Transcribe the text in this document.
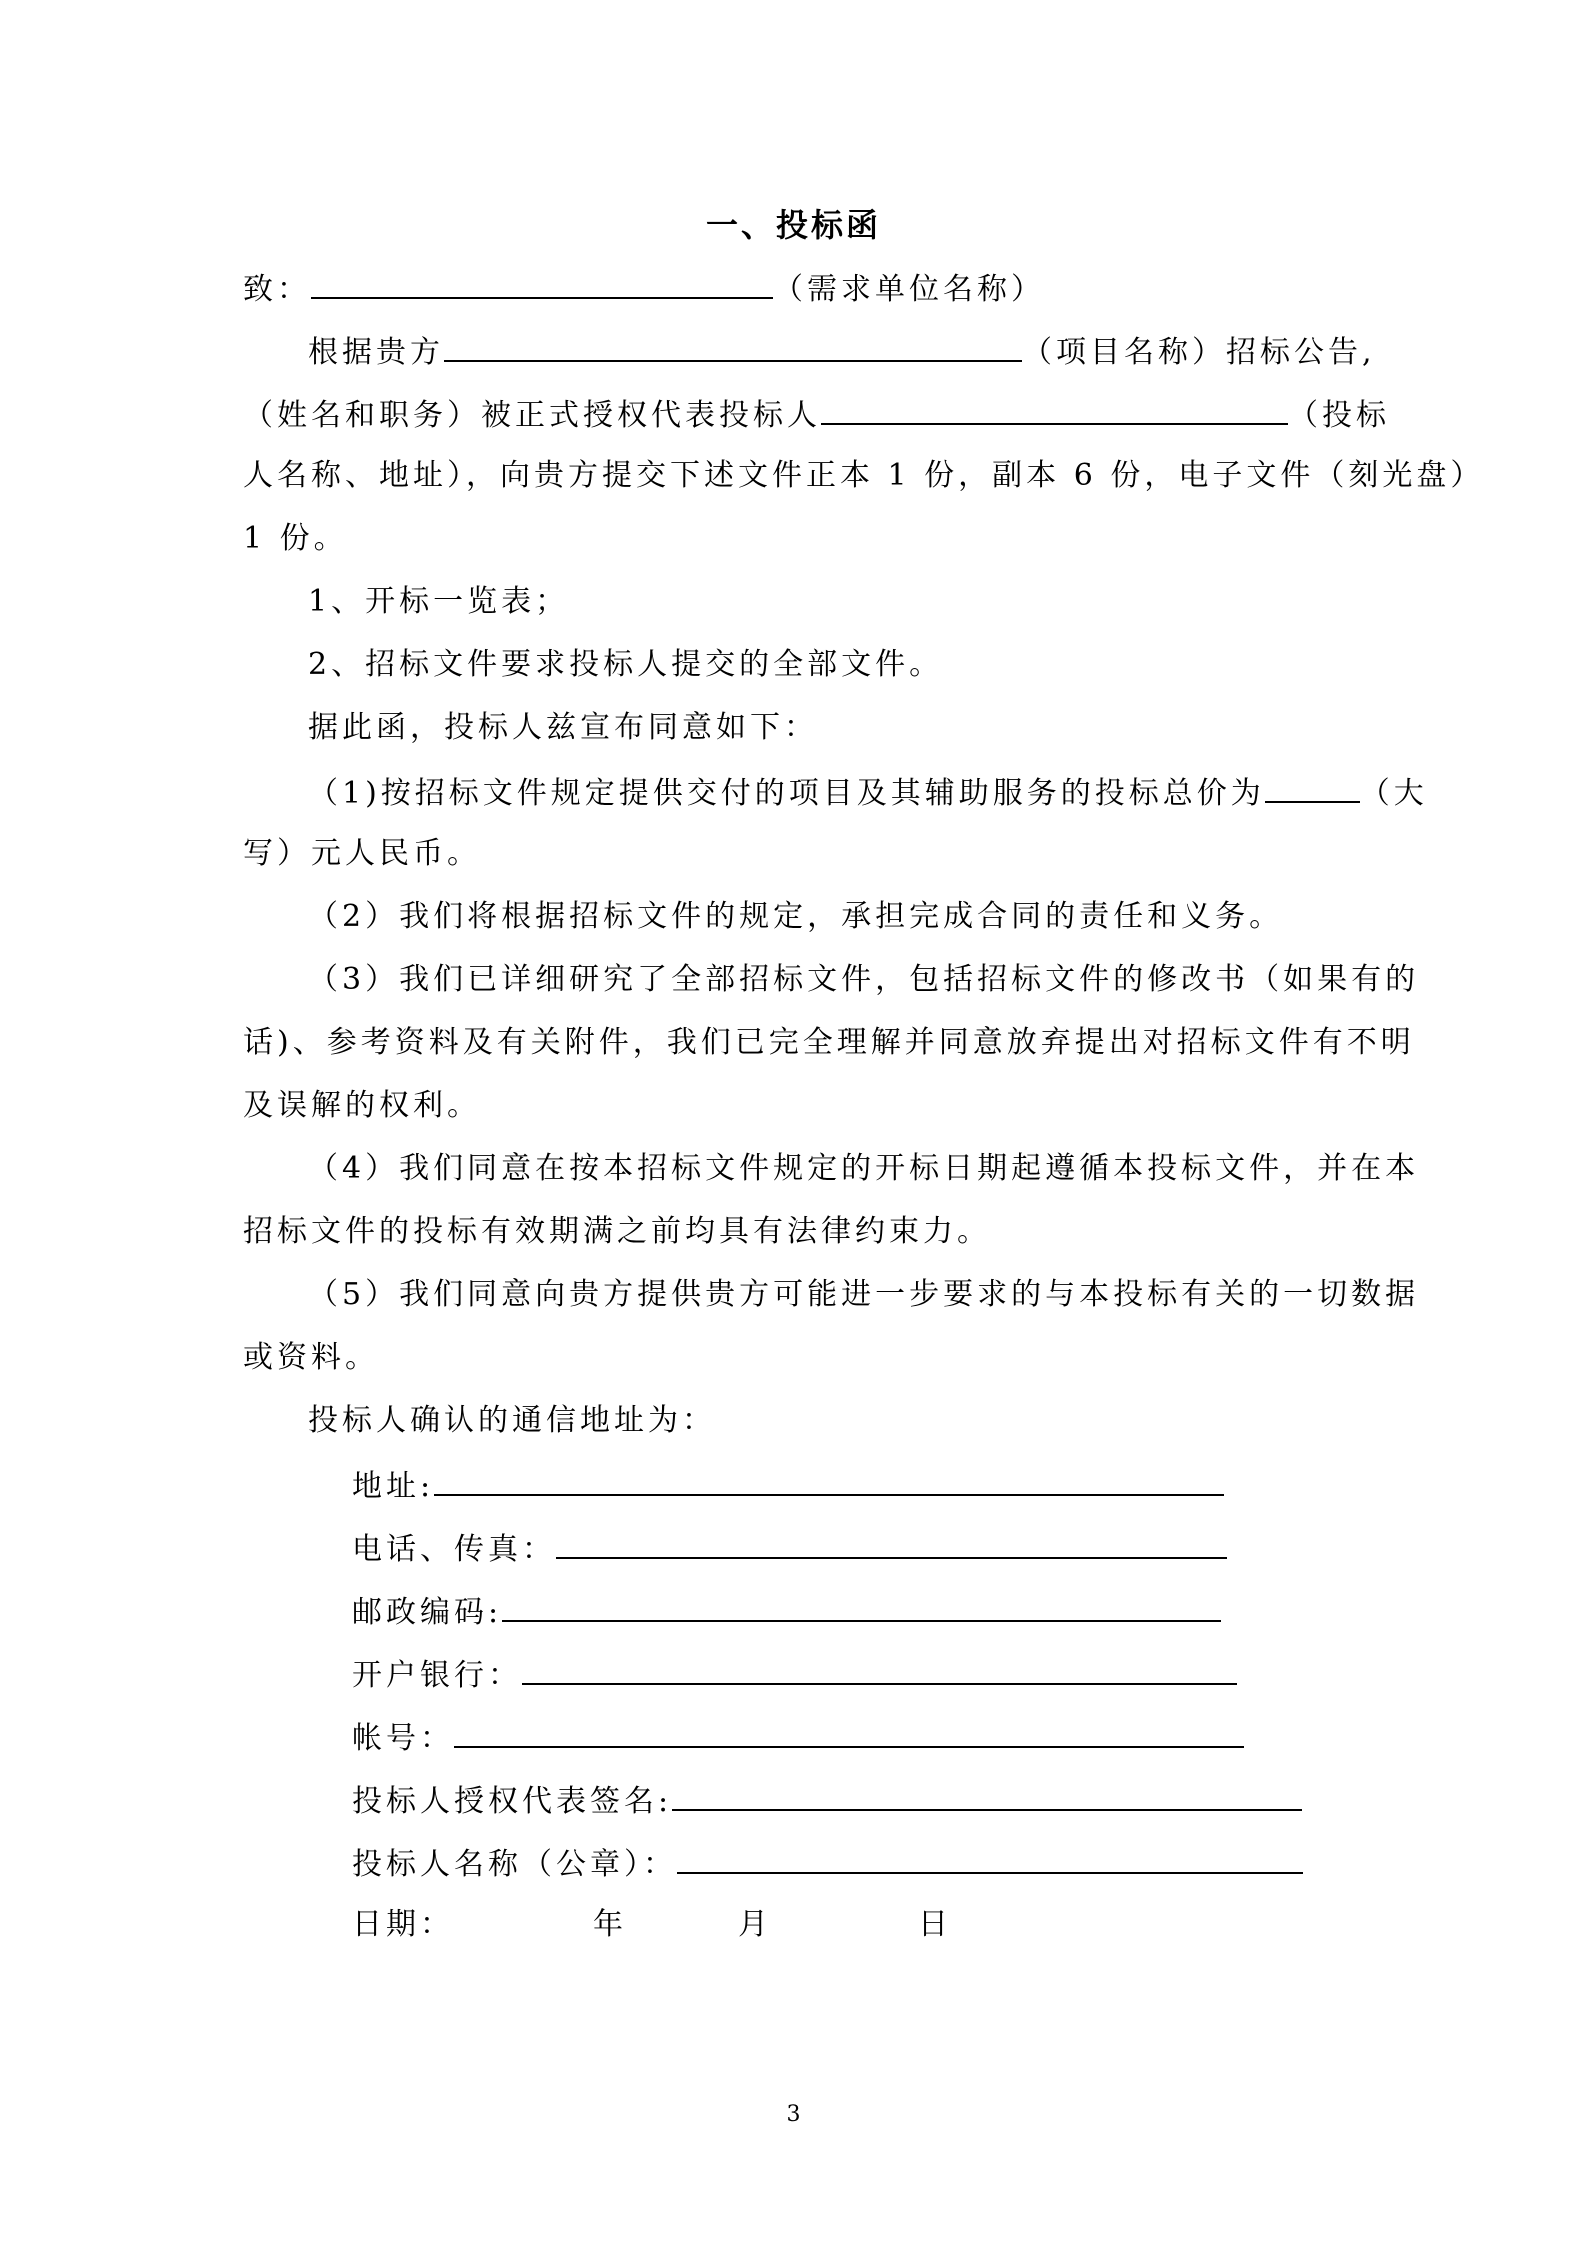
一、投标函
致：	（需求单位名称）
根据贵方	（项目名称）招标公告,
（姓名和职务）被正式授权代表投标人	（投标
人名称、地址），向贵方提交下述文件正本 1 份，副本 6 份，电子文件（刻光盘）
1 份。
1、开标一览表；
2、招标文件要求投标人提交的全部文件。
据此函，投标人兹宣布同意如下：
（1)按招标文件规定提供交付的项目及其辅助服务的投标总价为	（大
写）元人民币。
（2）我们将根据招标文件的规定，承担完成合同的责任和义务。
（3）我们已详细研究了全部招标文件，包括招标文件的修改书（如果有的
话)、参考资料及有关附件，我们已完全理解并同意放弃提出对招标文件有不明
及误解的权利。
（4）我们同意在按本招标文件规定的开标日期起遵循本投标文件，并在本
招标文件的投标有效期满之前均具有法律约束力。
（5）我们同意向贵方提供贵方可能进一步要求的与本投标有关的一切数据
或资料。
投标人确认的通信地址为：
地址:
电话、传真：
邮政编码:
开户银行：
帐号：
投标人授权代表签名:
投标人名称（公章）：
日期：	年	月	日
3
